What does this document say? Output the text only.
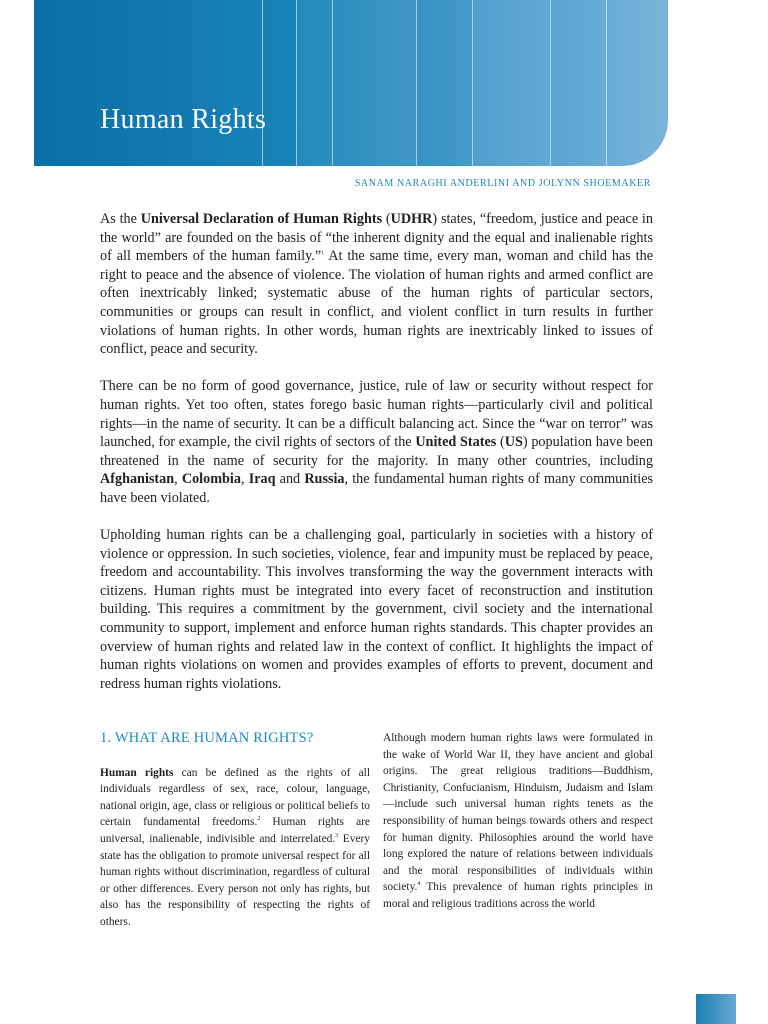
Human Rights

SANAM NARAGHI ANDERLINI AND JOLYNN SHOEMAKER

As the Universal Declaration of Human Rights (UDHR) states, “freedom, justice and peace in the world” are founded on the basis of “the inherent dignity and the equal and inalienable rights of all members of the human family.”$^1$ At the same time, every man, woman and child has the right to peace and the absence of violence. The violation of human rights and armed conflict are often inextricably linked; systematic abuse of the human rights of particular sectors, communities or groups can result in conflict, and violent conflict in turn results in further violations of human rights. In other words, human rights are inextricably linked to issues of conflict, peace and security.

There can be no form of good governance, justice, rule of law or security without respect for human rights. Yet too often, states forego basic human rights—particularly civil and political rights—in the name of security. It can be a difficult balancing act. Since the “war on terror” was launched, for example, the civil rights of sectors of the United States (US) population have been threatened in the name of security for the majority. In many other countries, including Afghanistan, Colombia, Iraq and Russia, the fundamental human rights of many communities have been violated.

Upholding human rights can be a challenging goal, particularly in societies with a history of violence or oppression. In such societies, violence, fear and impunity must be replaced by peace, freedom and accountability. This involves transforming the way the government interacts with citizens. Human rights must be integrated into every facet of reconstruction and institution building. This requires a commitment by the government, civil society and the international community to support, implement and enforce human rights standards. This chapter provides an overview of human rights and related law in the context of conflict. It highlights the impact of human rights violations on women and provides examples of efforts to prevent, document and redress human rights violations.

1. WHAT ARE HUMAN RIGHTS?

Human rights can be defined as the rights of all individuals regardless of sex, race, colour, language, national origin, age, class or religious or political beliefs to certain fundamental freedoms.$^2$ Human rights are universal, inalienable, indivisible and interrelated.$^3$ Every state has the obligation to promote universal respect for all human rights without discrimination, regardless of cultural or other differences. Every person not only has rights, but also has the responsibility of respecting the rights of others.

Although modern human rights laws were formulated in the wake of World War II, they have ancient and global origins. The great religious traditions—Buddhism, Christianity, Confucianism, Hinduism, Judaism and Islam—include such universal human rights tenets as the responsibility of human beings towards others and respect for human dignity. Philosophies around the world have long explored the nature of relations between individuals and the moral responsibilities of individuals within society.$^4$ This prevalence of human rights principles in moral and religious traditions across the world
